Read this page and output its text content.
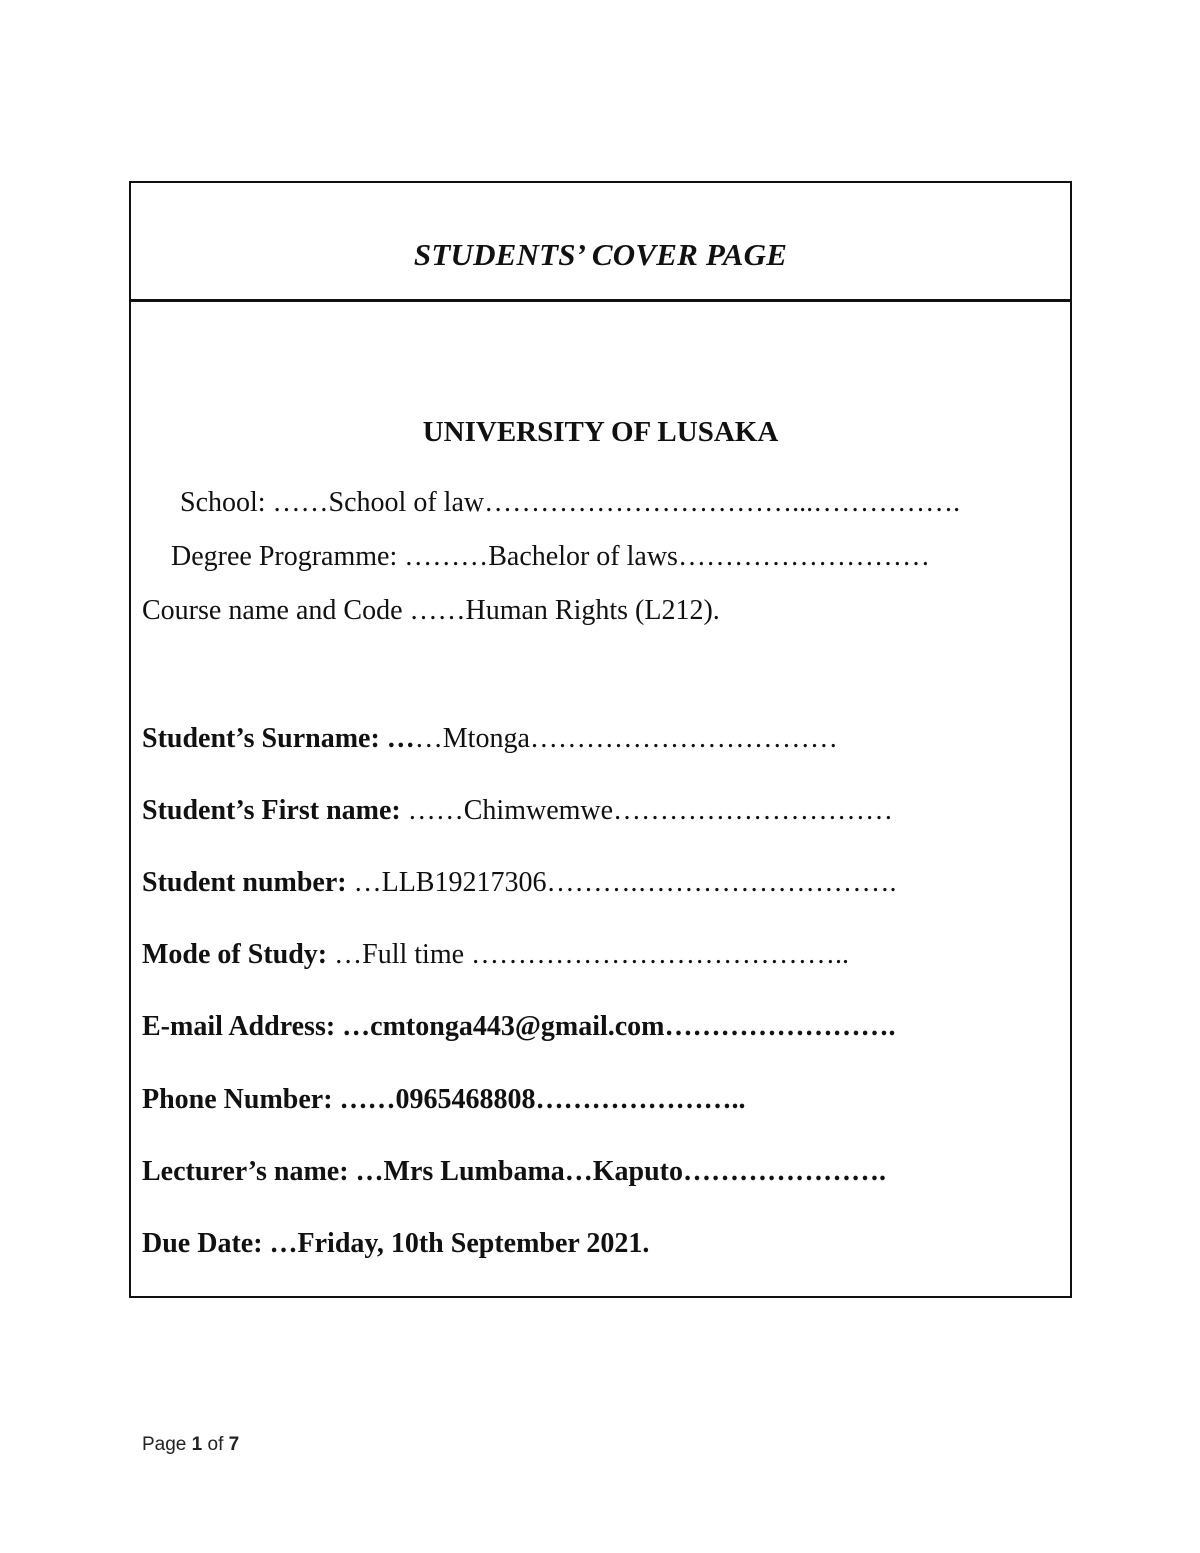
STUDENTS’ COVER PAGE
UNIVERSITY OF LUSAKA
School: ……School of law……………………………...…………….
Degree Programme: ………Bachelor of laws………………………
Course name and Code ……Human Rights (L212).
Student’s Surname: ……Mtonga……………………………
Student’s First name: ……Chimwemwe…………………………
Student number: …LLB19217306……….……………………….
Mode of Study: …Full time …………………………………..
E-mail Address: …cmtonga443@gmail.com…………………….
Phone Number: ……0965468808…………………..
Lecturer’s name: …Mrs Lumbama…Kaputo………………….
Due Date: …Friday, 10th September 2021.
Page 1 of 7
